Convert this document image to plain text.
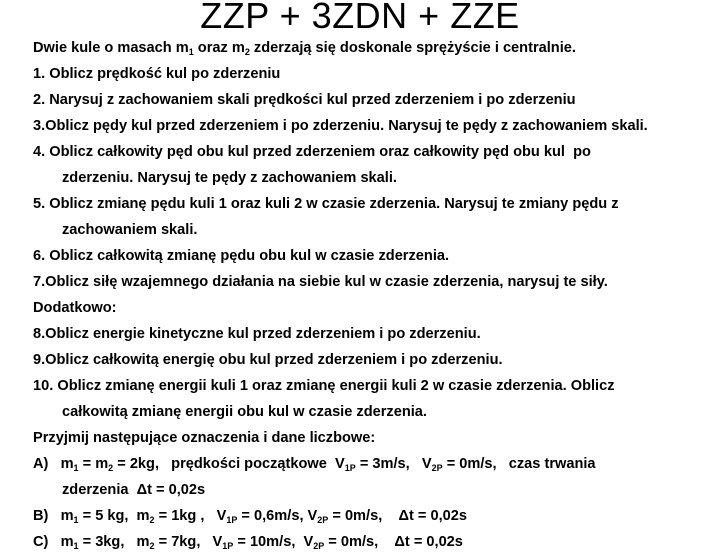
ZZP + 3ZDN + ZZE
Dwie kule o masach $m_1$ oraz $m_2$ zderzają się doskonale sprężyście i centralnie.
1. Oblicz prędkość kul po zderzeniu
2. Narysuj z zachowaniem skali prędkości kul przed zderzeniem i po zderzeniu
3.Oblicz pędy kul przed zderzeniem i po zderzeniu. Narysuj te pędy z zachowaniem skali.
4. Oblicz całkowity pęd obu kul przed zderzeniem oraz całkowity pęd obu kul  po
zderzeniu. Narysuj te pędy z zachowaniem skali.
5. Oblicz zmianę pędu kuli 1 oraz kuli 2 w czasie zderzenia. Narysuj te zmiany pędu z
zachowaniem skali.
6. Oblicz całkowitą zmianę pędu obu kul w czasie zderzenia.
7.Oblicz siłę wzajemnego działania na siebie kul w czasie zderzenia, narysuj te siły.
Dodatkowo:
8.Oblicz energie kinetyczne kul przed zderzeniem i po zderzeniu.
9.Oblicz całkowitą energię obu kul przed zderzeniem i po zderzeniu.
10. Oblicz zmianę energii kuli 1 oraz zmianę energii kuli 2 w czasie zderzenia. Oblicz
całkowitą zmianę energii obu kul w czasie zderzenia.
Przyjmij następujące oznaczenia i dane liczbowe:
A)   $m_1 = m_2 = 2kg$,   prędkości początkowe  $V_{1P} = 3m/s$,   $V_{2P} = 0m/s$,   czas trwania
zderzenia  Δt = 0,02s
B)   $m_1 = 5$ kg,  $m_2 = 1kg$ ,   $V_{1P} = 0,6m/s$, $V_{2P} = 0m/s$,    Δt = 0,02s
C)   $m_1 = 3kg$,   $m_2 = 7kg$,   $V_{1P} = 10m/s$,  $V_{2P} = 0m/s$,    Δt = 0,02s
